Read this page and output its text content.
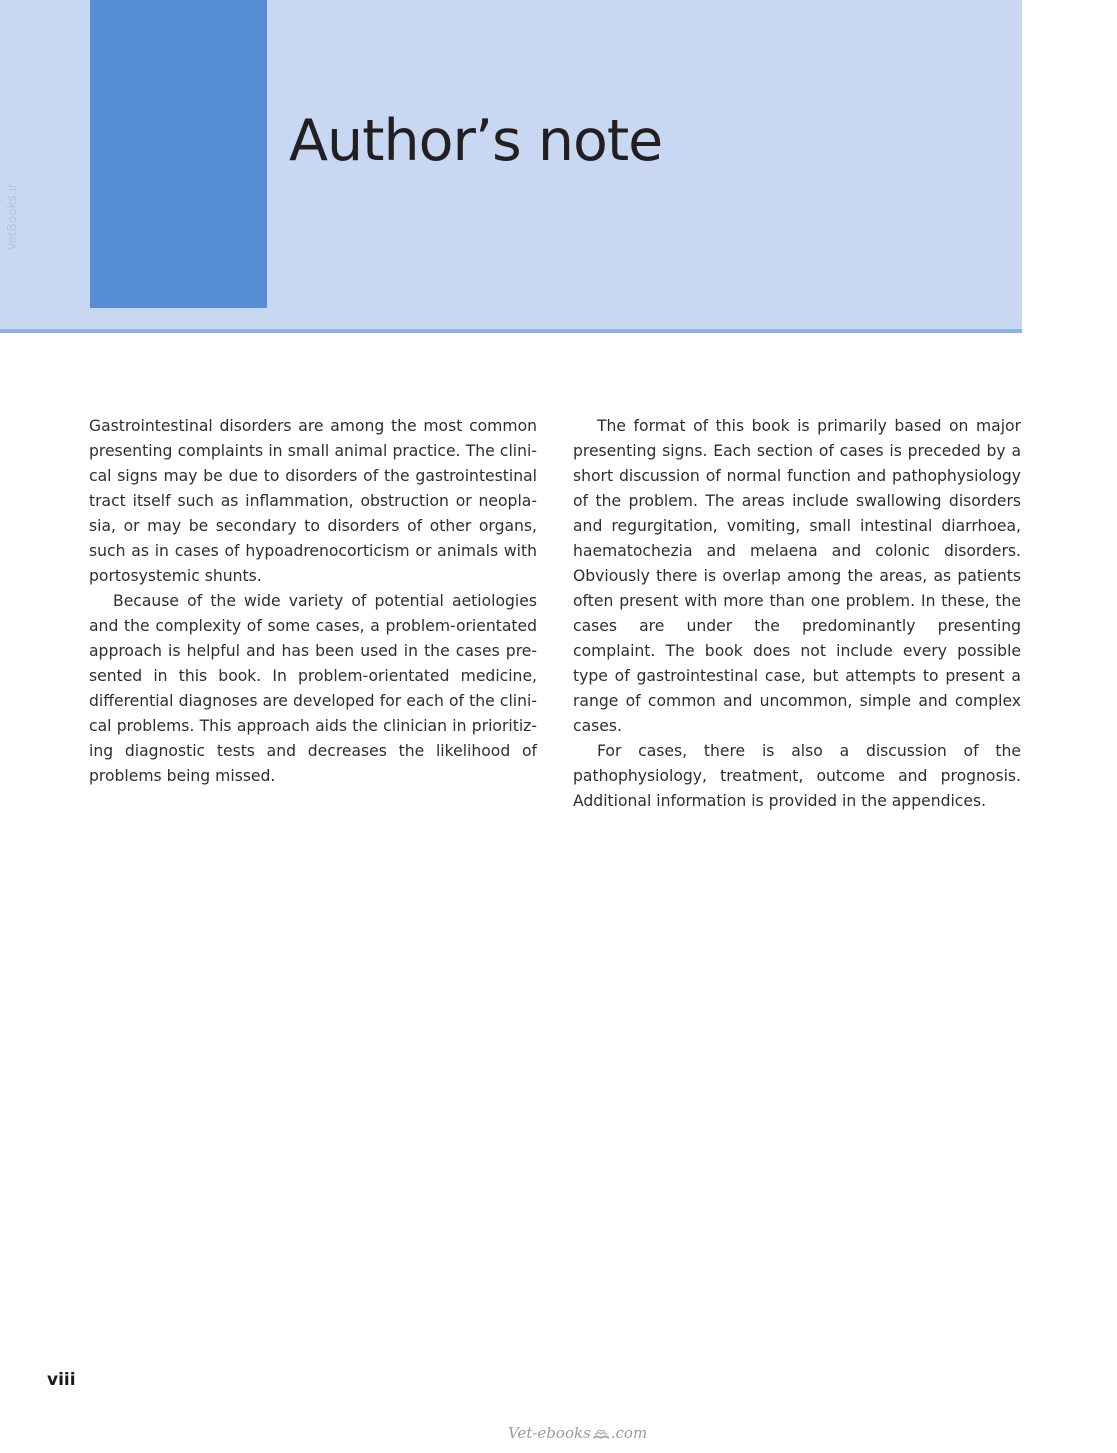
Author’s note
VetBooks.ir

Gastrointestinal disorders are among the most common presenting complaints in small animal practice. The clinical signs may be due to disorders of the gastrointestinal tract itself such as inflammation, obstruction or neoplasia, or may be secondary to disorders of other organs, such as in cases of hypoadrenocorticism or animals with portosystemic shunts.

Because of the wide variety of potential aetiologies and the complexity of some cases, a problem-orientated approach is helpful and has been used in the cases presented in this book. In problem-orientated medicine, differential diagnoses are developed for each of the clinical problems. This approach aids the clinician in prioritizing diagnostic tests and decreases the likelihood of problems being missed.

The format of this book is primarily based on major presenting signs. Each section of cases is preceded by a short discussion of normal function and pathophysiology of the problem. The areas include swallowing disorders and regurgitation, vomiting, small intestinal diarrhoea, haematochezia and melaena and colonic disorders. Obviously there is overlap among the areas, as patients often present with more than one problem. In these, the cases are under the predominantly presenting complaint. The book does not include every possible type of gastrointestinal case, but attempts to present a range of common and uncommon, simple and complex cases.

For cases, there is also a discussion of the pathophysiology, treatment, outcome and prognosis. Additional information is provided in the appendices.

viii
Vet-ebooks .com
